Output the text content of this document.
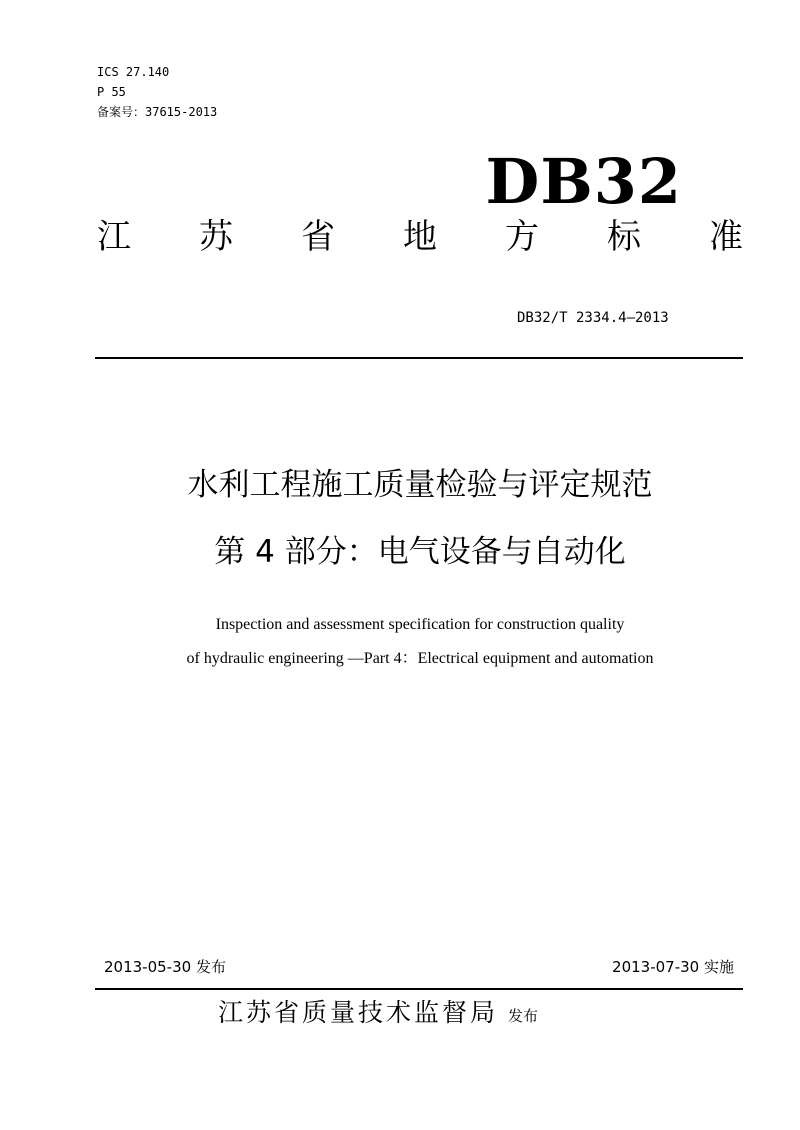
ICS 27.140
P 55
备案号：37615-2013
DB32
江 苏 省 地 方 标 准
DB32/T 2334.4—2013
水利工程施工质量检验与评定规范
第 4 部分：电气设备与自动化
Inspection and assessment specification for construction quality
of hydraulic engineering —Part 4：Electrical equipment and automation
2013-05-30 发布	2013-07-30 实施
江苏省质量技术监督局 发布
